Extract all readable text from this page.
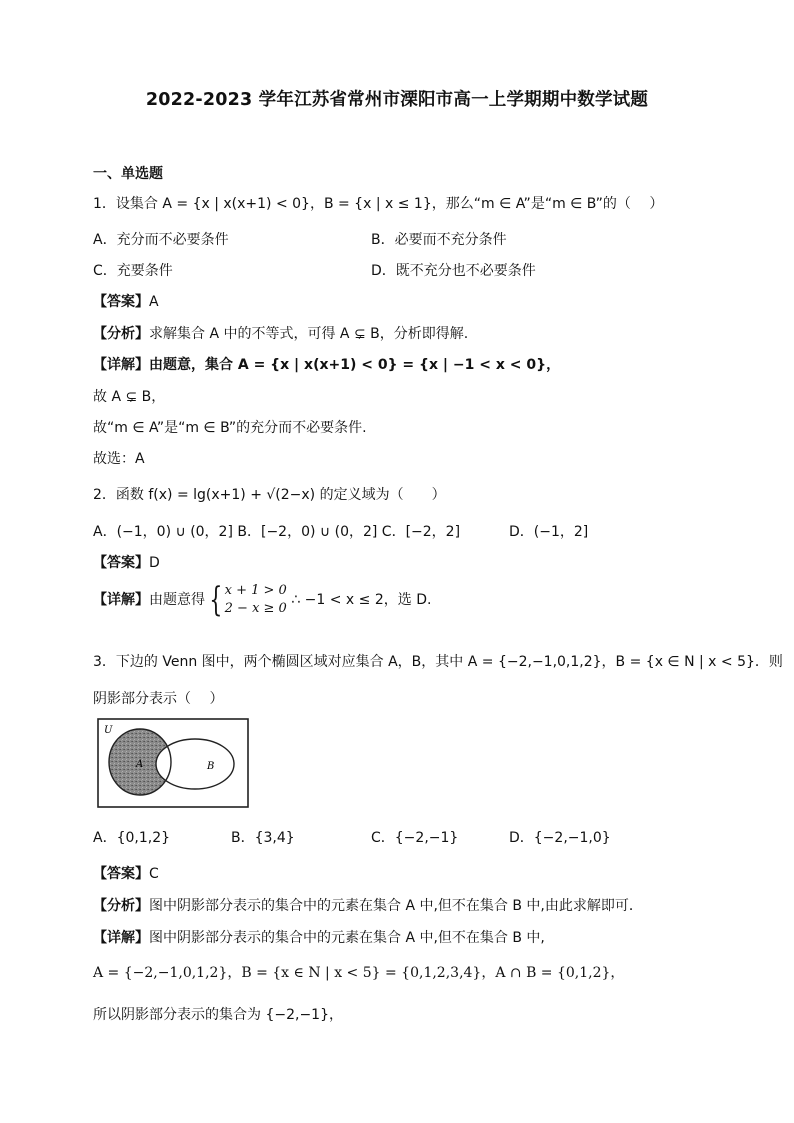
2022-2023 学年江苏省常州市溧阳市高一上学期期中数学试题
一、单选题
1．设集合 A = {x | x(x+1) < 0}，B = {x | x ≤ 1}，那么“m ∈ A”是“m ∈ B”的（　 ）
A．充分而不必要条件	B．必要而不充分条件
C．充要条件	D．既不充分也不必要条件
【答案】A
【分析】求解集合 A 中的不等式，可得 A ⊊ B，分析即得解.
【详解】由题意，集合 A = {x | x(x+1) < 0} = {x | −1 < x < 0}，
故 A ⊊ B，
故“m ∈ A”是“m ∈ B”的充分而不必要条件.
故选：A
2．函数 f(x) = lg(x+1) + √(2−x) 的定义域为（　　）
A．(−1，0) ∪ (0，2] B．[−2，0) ∪ (0，2] C．[−2，2]	D．(−1，2]
【答案】D
【详解】由题意得 { x + 1 > 0
2 − x ≥ 0
∴ −1 < x ≤ 2，选 D.
3．下边的 Venn 图中，两个椭圆区域对应集合 A，B，其中 A = {−2,−1,0,1,2}，B = {x ∈ N | x < 5}．则
阴影部分表示（　 ）
U
A	B
A．{0,1,2}	B．{3,4}	C．{−2,−1}	D．{−2,−1,0}
【答案】C
【分析】图中阴影部分表示的集合中的元素在集合 A 中,但不在集合 B 中,由此求解即可．
【详解】图中阴影部分表示的集合中的元素在集合 A 中,但不在集合 B 中,
A = {−2,−1,0,1,2}，B = {x ∈ N | x < 5} = {0,1,2,3,4}，A ∩ B = {0,1,2}，
所以阴影部分表示的集合为 {−2,−1}，
